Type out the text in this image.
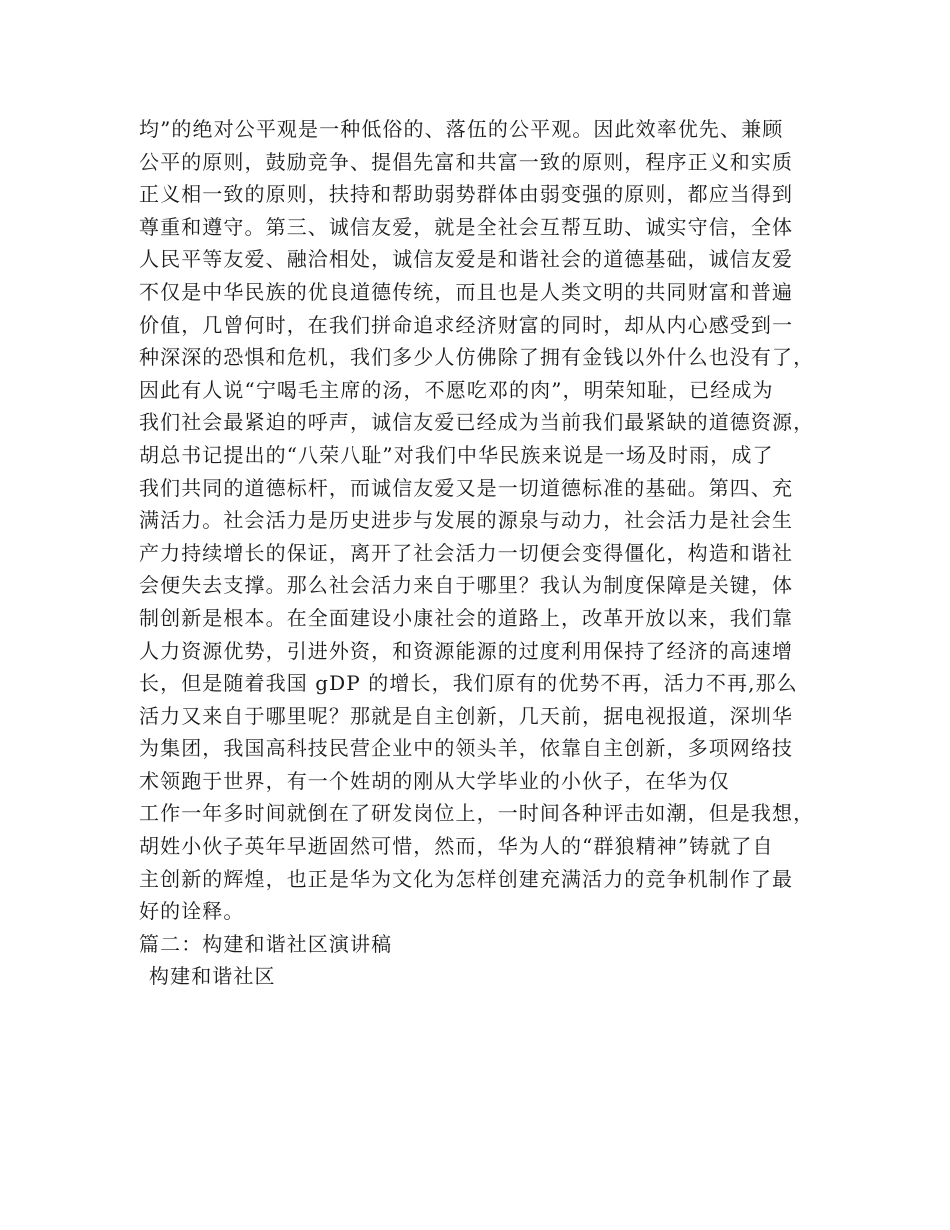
均”的绝对公平观是一种低俗的、落伍的公平观。因此效率优先、兼顾
公平的原则，鼓励竞争、提倡先富和共富一致的原则，程序正义和实质
正义相一致的原则，扶持和帮助弱势群体由弱变强的原则，都应当得到
尊重和遵守。第三、诚信友爱，就是全社会互帮互助、诚实守信，全体
人民平等友爱、融洽相处，诚信友爱是和谐社会的道德基础，诚信友爱
不仅是中华民族的优良道德传统，而且也是人类文明的共同财富和普遍
价值，几曾何时，在我们拼命追求经济财富的同时，却从内心感受到一
种深深的恐惧和危机，我们多少人仿佛除了拥有金钱以外什么也没有了，
因此有人说“宁喝毛主席的汤，不愿吃邓的肉”，明荣知耻，已经成为
我们社会最紧迫的呼声，诚信友爱已经成为当前我们最紧缺的道德资源，
胡总书记提出的“八荣八耻”对我们中华民族来说是一场及时雨，成了
我们共同的道德标杆，而诚信友爱又是一切道德标准的基础。第四、充
满活力。社会活力是历史进步与发展的源泉与动力，社会活力是社会生
产力持续增长的保证，离开了社会活力一切便会变得僵化，构造和谐社
会便失去支撑。那么社会活力来自于哪里？我认为制度保障是关键，体
制创新是根本。在全面建设小康社会的道路上，改革开放以来，我们靠
人力资源优势，引进外资，和资源能源的过度利用保持了经济的高速增
长，但是随着我国 gDP 的增长，我们原有的优势不再，活力不再,那么
活力又来自于哪里呢？那就是自主创新，几天前，据电视报道，深圳华
为集团，我国高科技民营企业中的领头羊，依靠自主创新，多项网络技
术领跑于世界，有一个姓胡的刚从大学毕业的小伙子，在华为仅
工作一年多时间就倒在了研发岗位上，一时间各种评击如潮，但是我想，
胡姓小伙子英年早逝固然可惜，然而，华为人的“群狼精神”铸就了自
主创新的辉煌，也正是华为文化为怎样创建充满活力的竞争机制作了最
好的诠释。
篇二：构建和谐社区演讲稿
构建和谐社区
